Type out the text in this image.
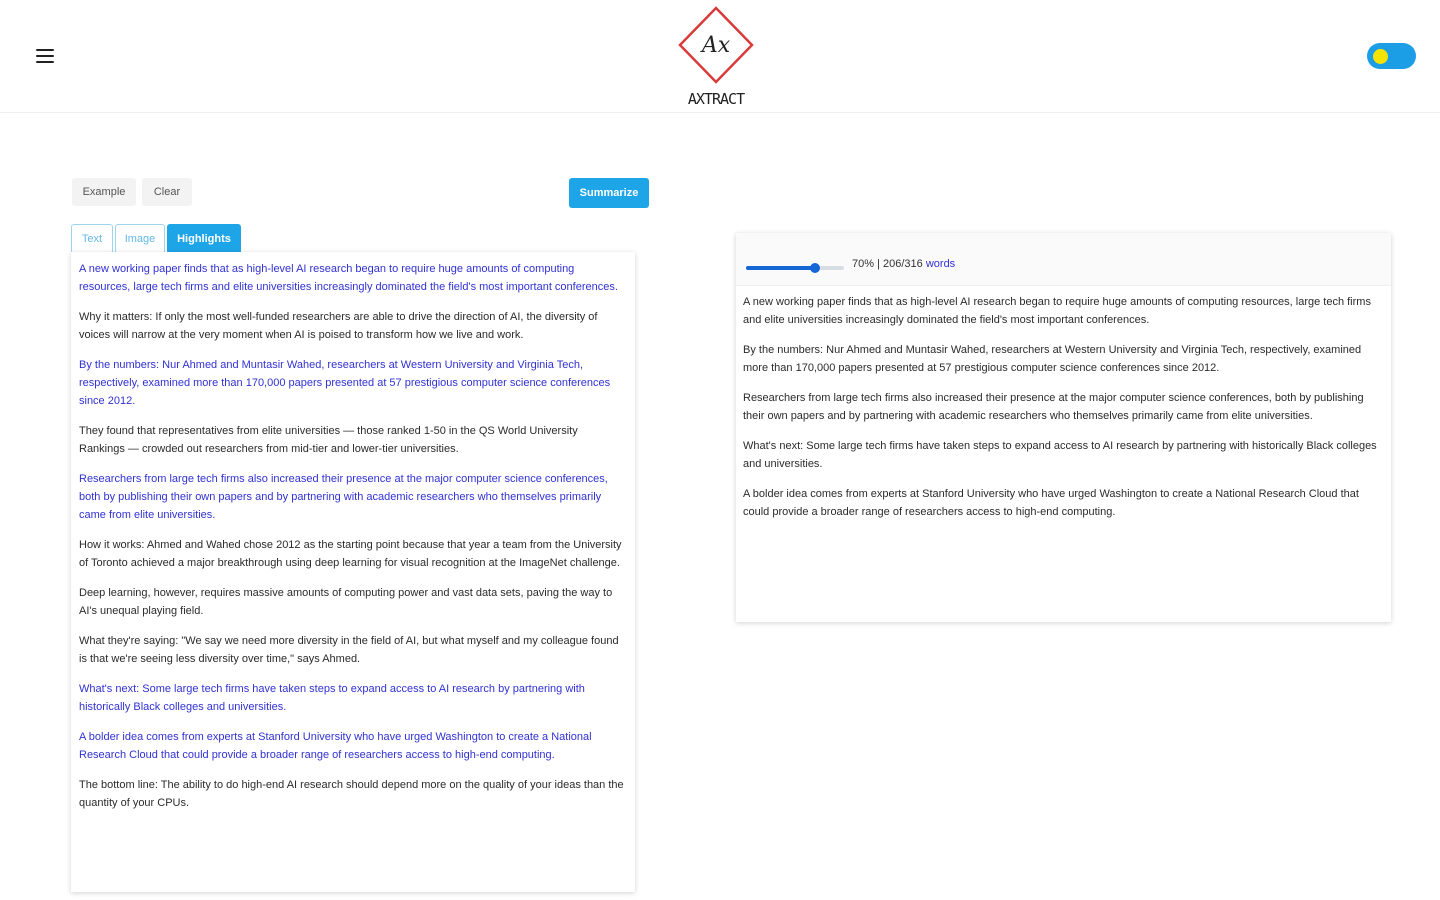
Ax
AXTRACT
Example	Clear	Summarize
Text	Image	Highlights

A new working paper finds that as high-level AI research began to require huge amounts of computing resources, large tech firms and elite universities increasingly dominated the field's most important conferences.

Why it matters: If only the most well-funded researchers are able to drive the direction of AI, the diversity of voices will narrow at the very moment when AI is poised to transform how we live and work.

By the numbers: Nur Ahmed and Muntasir Wahed, researchers at Western University and Virginia Tech, respectively, examined more than 170,000 papers presented at 57 prestigious computer science conferences since 2012.

They found that representatives from elite universities — those ranked 1-50 in the QS World University Rankings — crowded out researchers from mid-tier and lower-tier universities.

Researchers from large tech firms also increased their presence at the major computer science conferences, both by publishing their own papers and by partnering with academic researchers who themselves primarily came from elite universities.

How it works: Ahmed and Wahed chose 2012 as the starting point because that year a team from the University of Toronto achieved a major breakthrough using deep learning for visual recognition at the ImageNet challenge.

Deep learning, however, requires massive amounts of computing power and vast data sets, paving the way to AI's unequal playing field.

What they're saying: "We say we need more diversity in the field of AI, but what myself and my colleague found is that we're seeing less diversity over time," says Ahmed.

What's next: Some large tech firms have taken steps to expand access to AI research by partnering with historically Black colleges and universities.

A bolder idea comes from experts at Stanford University who have urged Washington to create a National Research Cloud that could provide a broader range of researchers access to high-end computing.

The bottom line: The ability to do high-end AI research should depend more on the quality of your ideas than the quantity of your CPUs.

70% | 206/316 words

A new working paper finds that as high-level AI research began to require huge amounts of computing resources, large tech firms and elite universities increasingly dominated the field's most important conferences.

By the numbers: Nur Ahmed and Muntasir Wahed, researchers at Western University and Virginia Tech, respectively, examined more than 170,000 papers presented at 57 prestigious computer science conferences since 2012.

Researchers from large tech firms also increased their presence at the major computer science conferences, both by publishing their own papers and by partnering with academic researchers who themselves primarily came from elite universities.

What's next: Some large tech firms have taken steps to expand access to AI research by partnering with historically Black colleges and universities.

A bolder idea comes from experts at Stanford University who have urged Washington to create a National Research Cloud that could provide a broader range of researchers access to high-end computing.
